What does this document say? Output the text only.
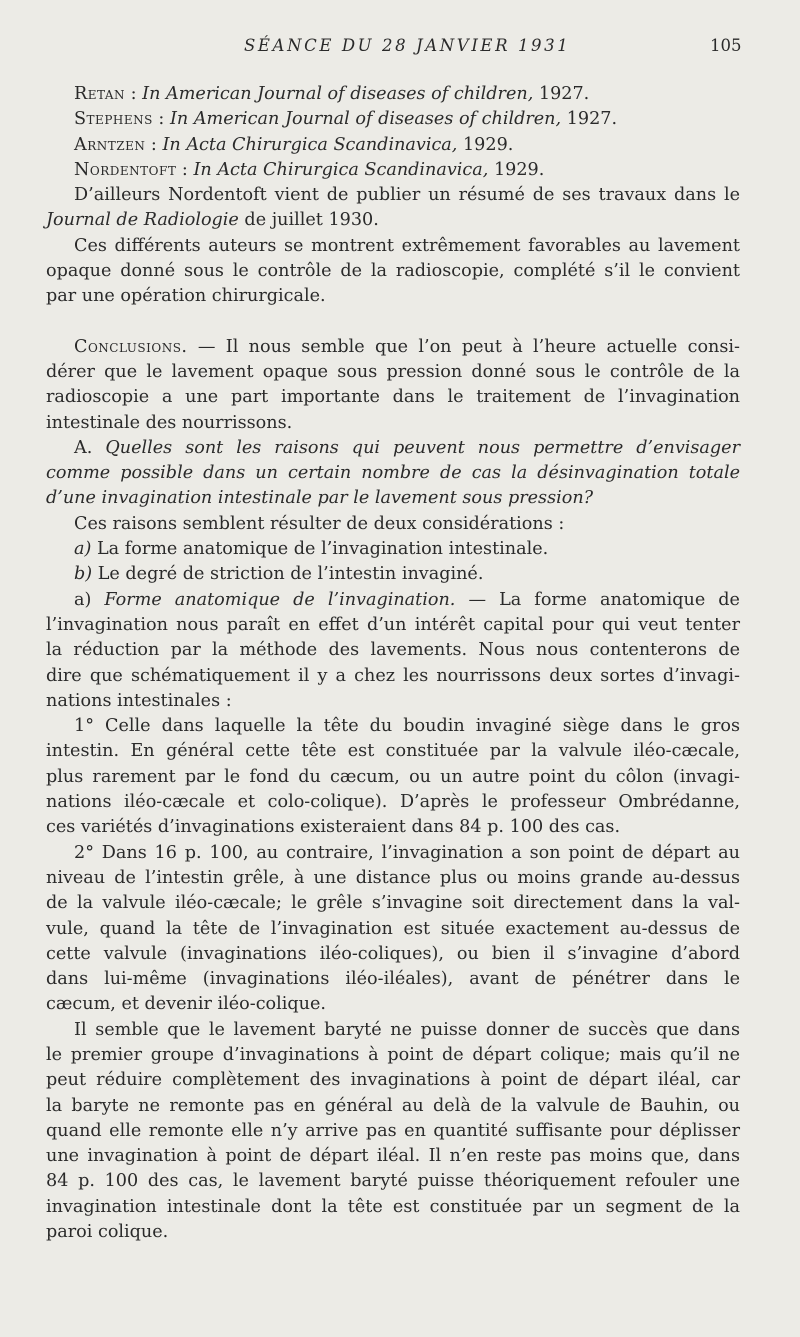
SÉANCE DU 28 JANVIER 1931	105
Retan : In American Journal of diseases of children, 1927.
Stephens : In American Journal of diseases of children, 1927.
Arntzen : In Acta Chirurgica Scandinavica, 1929.
Nordentoft : In Acta Chirurgica Scandinavica, 1929.
D’ailleurs Nordentoft vient de publier un résumé de ses travaux dans le
Journal de Radiologie de juillet 1930.
Ces différents auteurs se montrent extrêmement favorables au lavement
opaque donné sous le contrôle de la radioscopie, complété s’il le convient
par une opération chirurgicale.
Conclusions. — Il nous semble que l’on peut à l’heure actuelle consi-
dérer que le lavement opaque sous pression donné sous le contrôle de la
radioscopie a une part importante dans le traitement de l’invagination
intestinale des nourrissons.
A. Quelles sont les raisons qui peuvent nous permettre d’envisager
comme possible dans un certain nombre de cas la désinvagination totale
d’une invagination intestinale par le lavement sous pression?
Ces raisons semblent résulter de deux considérations :
a) La forme anatomique de l’invagination intestinale.
b) Le degré de striction de l’intestin invaginé.
a) Forme anatomique de l’invagination. — La forme anatomique de
l’invagination nous paraît en effet d’un intérêt capital pour qui veut tenter
la réduction par la méthode des lavements. Nous nous contenterons de
dire que schématiquement il y a chez les nourrissons deux sortes d’invagi-
nations intestinales :
1° Celle dans laquelle la tête du boudin invaginé siège dans le gros
intestin. En général cette tête est constituée par la valvule iléo-cæcale,
plus rarement par le fond du cæcum, ou un autre point du côlon (invagi-
nations iléo-cæcale et colo-colique). D’après le professeur Ombrédanne,
ces variétés d’invaginations existeraient dans 84 p. 100 des cas.
2° Dans 16 p. 100, au contraire, l’invagination a son point de départ au
niveau de l’intestin grêle, à une distance plus ou moins grande au-dessus
de la valvule iléo-cæcale; le grêle s’invagine soit directement dans la val-
vule, quand la tête de l’invagination est située exactement au-dessus de
cette valvule (invaginations iléo-coliques), ou bien il s’invagine d’abord
dans lui-même (invaginations iléo-iléales), avant de pénétrer dans le
cæcum, et devenir iléo-colique.
Il semble que le lavement baryté ne puisse donner de succès que dans
le premier groupe d’invaginations à point de départ colique; mais qu’il ne
peut réduire complètement des invaginations à point de départ iléal, car
la baryte ne remonte pas en général au delà de la valvule de Bauhin, ou
quand elle remonte elle n’y arrive pas en quantité suffisante pour déplisser
une invagination à point de départ iléal. Il n’en reste pas moins que, dans
84 p. 100 des cas, le lavement baryté puisse théoriquement refouler une
invagination intestinale dont la tête est constituée par un segment de la
paroi colique.
